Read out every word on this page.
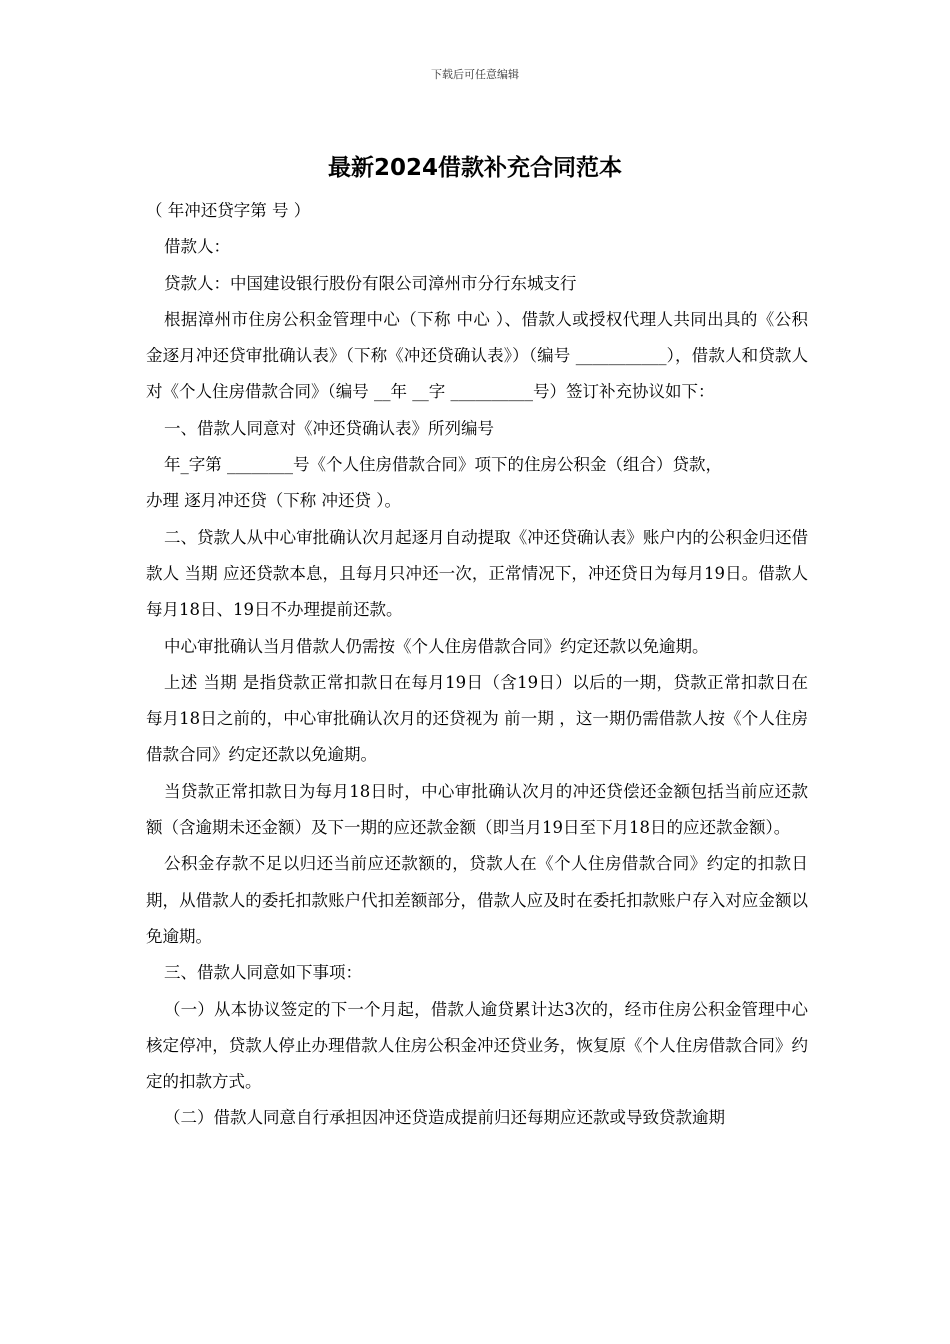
下载后可任意编辑
最新2024借款补充合同范本

（ 年冲还贷字第 号 ）

借款人：

贷款人：中国建设银行股份有限公司漳州市分行东城支行

根据漳州市住房公积金管理中心（下称 中心 ）、借款人或授权代理人共同出具的《公积金逐月冲还贷审批确认表》（下称《冲还贷确认表》）（编号 ___________），借款人和贷款人对《个人住房借款合同》（编号 __年 __字 __________号）签订补充协议如下：

一、借款人同意对《冲还贷确认表》所列编号

年_字第 ________号《个人住房借款合同》项下的住房公积金（组合）贷款，

办理 逐月冲还贷（下称 冲还贷 ）。

二、贷款人从中心审批确认次月起逐月自动提取《冲还贷确认表》账户内的公积金归还借款人 当期 应还贷款本息，且每月只冲还一次，正常情况下，冲还贷日为每月19日。借款人每月18日、19日不办理提前还款。

中心审批确认当月借款人仍需按《个人住房借款合同》约定还款以免逾期。

上述 当期 是指贷款正常扣款日在每月19日（含19日）以后的一期，贷款正常扣款日在每月18日之前的，中心审批确认次月的还贷视为 前一期 ，这一期仍需借款人按《个人住房借款合同》约定还款以免逾期。

当贷款正常扣款日为每月18日时，中心审批确认次月的冲还贷偿还金额包括当前应还款额（含逾期未还金额）及下一期的应还款金额（即当月19日至下月18日的应还款金额）。

公积金存款不足以归还当前应还款额的，贷款人在《个人住房借款合同》约定的扣款日期，从借款人的委托扣款账户代扣差额部分，借款人应及时在委托扣款账户存入对应金额以免逾期。

三、借款人同意如下事项：

（一）从本协议签定的下一个月起，借款人逾贷累计达3次的，经市住房公积金管理中心核定停冲，贷款人停止办理借款人住房公积金冲还贷业务，恢复原《个人住房借款合同》约定的扣款方式。

（二）借款人同意自行承担因冲还贷造成提前归还每期应还款或导致贷款逾期
